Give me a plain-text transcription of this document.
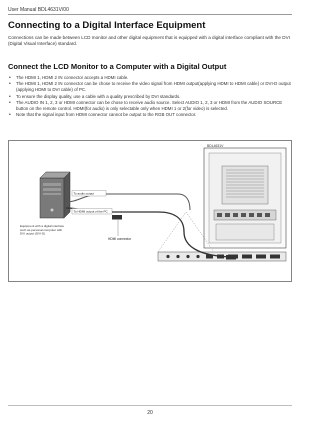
User Manual BDL4631V/00
Connecting to a Digital Interface Equipment

Connections can be made between LCD monitor and other digital equipment that is equipped with a digital interface compliant with the DVI (Digital Visual Interface) standard.

Connect the LCD Monitor to a Computer with a Digital Output
• The HDMI 1, HDMI 2 IN connector accepts a HDMI cable.
• The HDMI 1, HDMI 2 IN connector can be chose to receive the video signal from HDMI output(applying HDMI to HDMI cable) or DVI-D output (applying HDMI to DVI cable) of PC.
• To ensure the display quality, use a cable with a quality prescribed by DVI standards.
• The AUDIO IN 1, 2, 3 or HDMI connector can be chose to receive audio source. Select AUDIO 1, 2, 3 or HDMI from the AUDIO SOURCE button on the remote control. HDMI(for audio) is only selectable only when HDMI 1 or 2(for video) is selected.
• Note that the signal input from HDMI connector cannot be output to the RGB OUT connector.
BDL4631V
Equipment with a digital interface such as personal computer with DVI output (DVI-D)
To audio output
To HDMI output of the PC
HDMI connector
20
